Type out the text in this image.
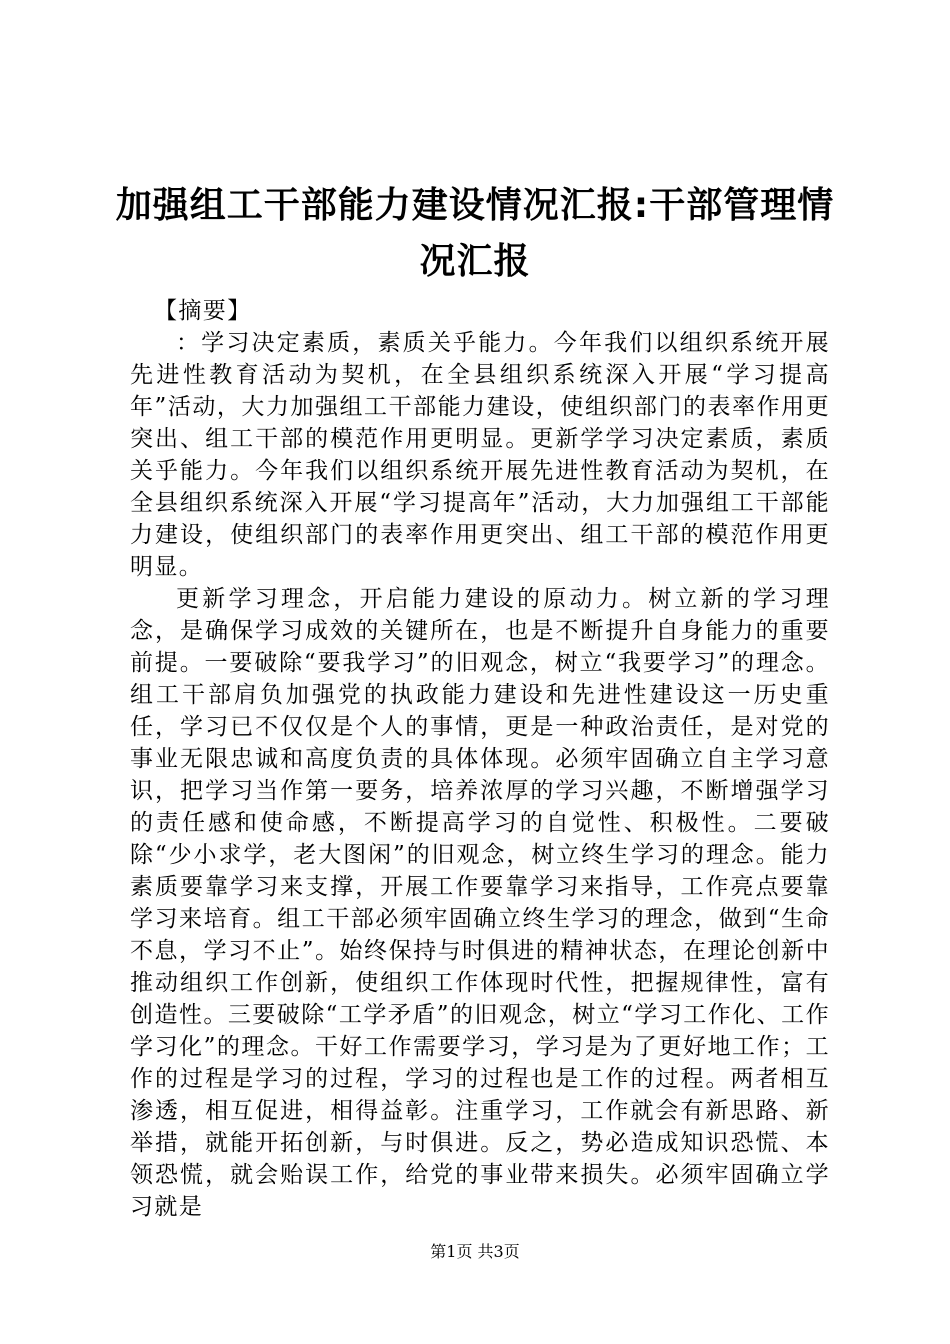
加强组工干部能力建设情况汇报:干部管理情
况汇报

【摘要】

：学习决定素质，素质关乎能力。今年我们以组织系统开展先进性教育活动为契机，在全县组织系统深入开展“学习提高年”活动，大力加强组工干部能力建设，使组织部门的表率作用更突出、组工干部的模范作用更明显。更新学学习决定素质，素质关乎能力。今年我们以组织系统开展先进性教育活动为契机，在全县组织系统深入开展“学习提高年”活动，大力加强组工干部能力建设，使组织部门的表率作用更突出、组工干部的模范作用更明显。

更新学习理念，开启能力建设的原动力。树立新的学习理念，是确保学习成效的关键所在，也是不断提升自身能力的重要前提。一要破除“要我学习”的旧观念，树立“我要学习”的理念。组工干部肩负加强党的执政能力建设和先进性建设这一历史重任，学习已不仅仅是个人的事情，更是一种政治责任，是对党的事业无限忠诚和高度负责的具体体现。必须牢固确立自主学习意识，把学习当作第一要务，培养浓厚的学习兴趣，不断增强学习的责任感和使命感，不断提高学习的自觉性、积极性。二要破除“少小求学，老大图闲”的旧观念，树立终生学习的理念。能力素质要靠学习来支撑，开展工作要靠学习来指导，工作亮点要靠学习来培育。组工干部必须牢固确立终生学习的理念，做到“生命不息，学习不止”。始终保持与时俱进的精神状态，在理论创新中推动组织工作创新，使组织工作体现时代性，把握规律性，富有创造性。三要破除“工学矛盾”的旧观念，树立“学习工作化、工作学习化”的理念。干好工作需要学习，学习是为了更好地工作；工作的过程是学习的过程，学习的过程也是工作的过程。两者相互渗透，相互促进，相得益彰。注重学习，工作就会有新思路、新举措，就能开拓创新，与时俱进。反之，势必造成知识恐慌、本领恐慌，就会贻误工作，给党的事业带来损失。必须牢固确立学习就是

第1页 共3页
